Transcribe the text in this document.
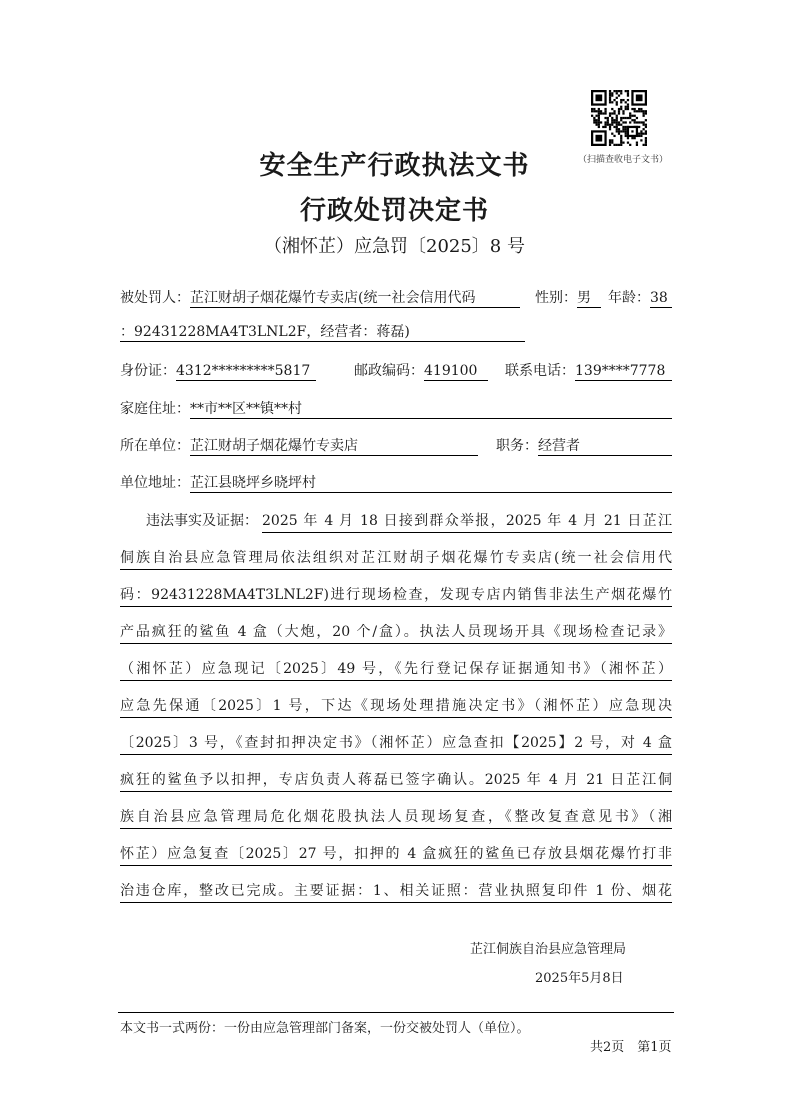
（扫描查收电子文书）
安全生产行政执法文书
行政处罚决定书
（湘怀芷）应急罚〔2025〕8 号
被处罚人：芷江财胡子烟花爆竹专卖店(统一社会信用代码	性别：男	年龄：38
：92431228MA4T3LNL2F，经营者：蒋磊)
身份证：4312*********5817	邮政编码：419100	联系电话：139****7778
家庭住址：**市**区**镇**村
所在单位：芷江财胡子烟花爆竹专卖店	职务：经营者
单位地址：芷江县晓坪乡晓坪村
违法事实及证据： 2025 年 4 月 18 日接到群众举报，2025 年 4 月 21 日芷江
侗族自治县应急管理局依法组织对芷江财胡子烟花爆竹专卖店(统一社会信用代
码：92431228MA4T3LNL2F)进行现场检查，发现专店内销售非法生产烟花爆竹
产品疯狂的鲨鱼 4 盒（大炮，20 个/盒）。执法人员现场开具《现场检查记录》
（湘怀芷）应急现记〔2025〕49 号，《先行登记保存证据通知书》（湘怀芷）
应急先保通〔2025〕1 号，下达《现场处理措施决定书》（湘怀芷）应急现决
〔2025〕3 号，《查封扣押决定书》（湘怀芷）应急查扣【2025】2 号，对 4 盒
疯狂的鲨鱼予以扣押，专店负责人蒋磊已签字确认。2025 年 4 月 21 日芷江侗
族自治县应急管理局危化烟花股执法人员现场复查，《整改复查意见书》（湘
怀芷）应急复查〔2025〕27 号，扣押的 4 盒疯狂的鲨鱼已存放县烟花爆竹打非
治违仓库，整改已完成。主要证据：1、相关证照：营业执照复印件 1 份、烟花
芷江侗族自治县应急管理局
2025年5月8日
本文书一式两份：一份由应急管理部门备案，一份交被处罚人（单位）。
共2页　第1页
